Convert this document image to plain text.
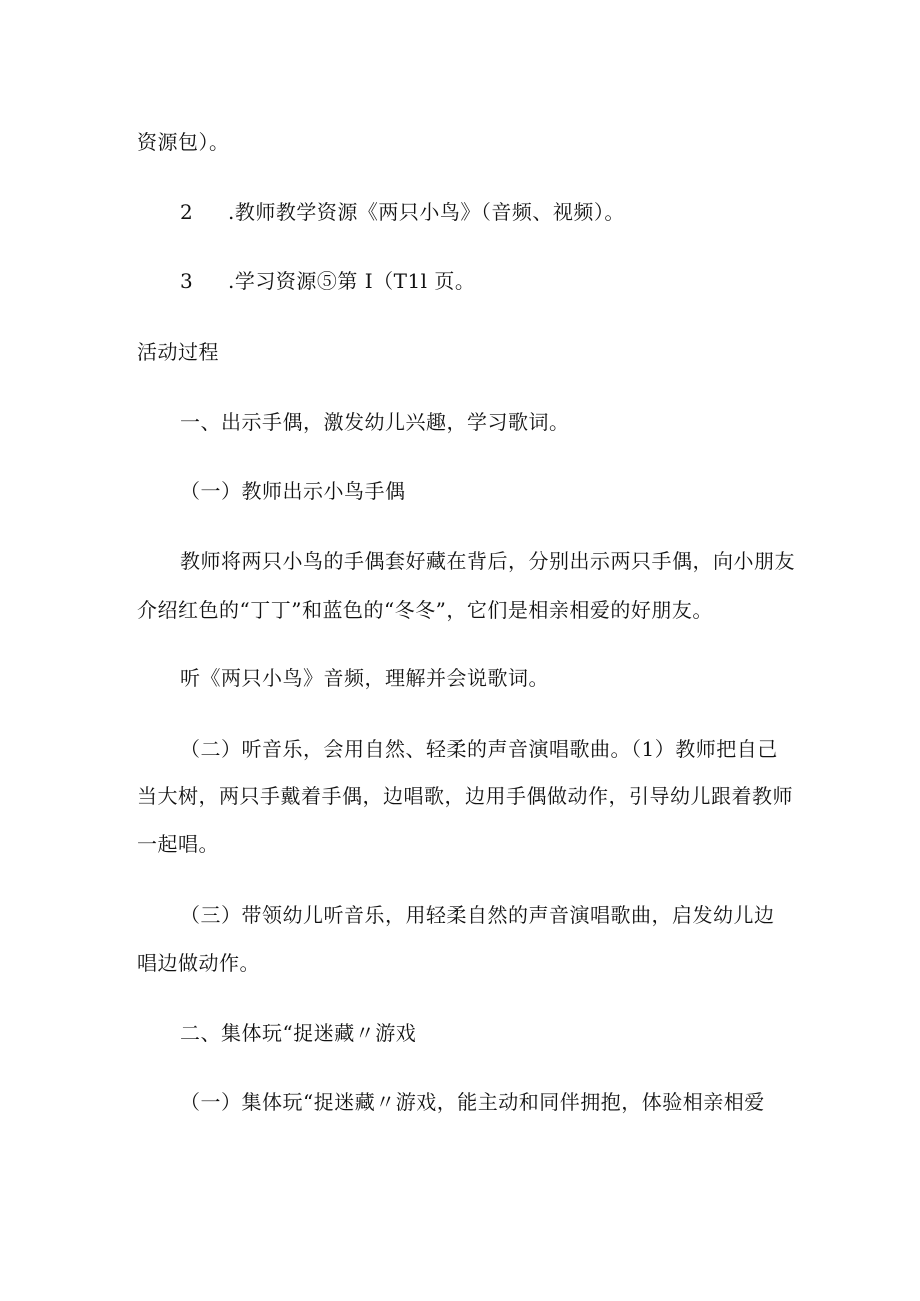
资源包）。
2 .教师教学资源《两只小鸟》（音频、视频）。
3 .学习资源⑤第 I（T1l 页。
活动过程
一、出示手偶，激发幼儿兴趣，学习歌词。
（一）教师出示小鸟手偶
教师将两只小鸟的手偶套好藏在背后，分别出示两只手偶，向小朋友
介绍红色的“丁丁”和蓝色的“冬冬”，它们是相亲相爱的好朋友。
听《两只小鸟》音频，理解并会说歌词。
（二）听音乐，会用自然、轻柔的声音演唱歌曲。（1）教师把自己
当大树，两只手戴着手偶，边唱歌，边用手偶做动作，引导幼儿跟着教师
一起唱。
（三）带领幼儿听音乐，用轻柔自然的声音演唱歌曲，启发幼儿边
唱边做动作。
二、集体玩“捉迷藏〃游戏
（一）集体玩“捉迷藏〃游戏，能主动和同伴拥抱，体验相亲相爱
